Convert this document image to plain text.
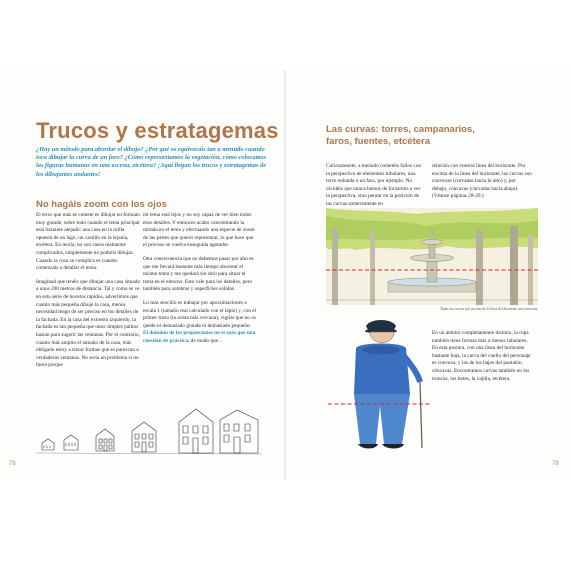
Trucos y estratagemas
¿Hay un método para abordar el dibujo? ¿Por qué os equivocáis tan a menudo cuando toca dibujar la curva de un faro? ¿Cómo representamos la vegetación, cómo colocamos las figuras humanas en una escena, etcétera? ¡Aquí llegan los trucos y estratagemas de los dibujantes andantes!
No hagáis zoom con los ojos

El error que más se comete es dibujar en formato muy grande, sobre todo cuando el tema principal está bastante alejado: una casa en la orilla opuesta de un lago, un castillo en la lejanía, etcétera. En teoría, no son casos realmente complicados, simplemente no podréis dibujar. Cuando la cosa se complica es cuando comenzáis a detallar el tema.

Imaginad que tenéis que dibujar una casa situada a unos 200 metros de distancia. Tal y como se ve en esta serie de bocetos rápidos, advertimos que cuanto más pequeña dibuje la casa, menos necesidad tengo de ser preciso en los detalles de la fachada. En la casa del extremo izquierdo, la fachada es tan pequeña que unos simples palitos bastan para sugerir las ventanas. Por el contrario, cuanto más amplio el tamaño de la casa, más obligado estoy a trazar formas que se parezcan a verdaderas ventanas. No sería un problema si no fuera porque

mi tema está lejos y no soy capaz de ver bien todos esos detalles. Y entonces acabo concentrando la mirada en el tema y efectuando una especie de zoom de las partes que quiero representar, lo que hace que el proceso se vuelva enseguida agotador.

Otra consecuencia que no debemos pasar por alto es que me llevará bastante más tiempo abocetar el mismo tema y me quedará sin sitio para situar el tema en el entorno. Esto vale para los detalles, pero también para sombras y superficies sólidas.

Lo más sencillo es trabajar por aproximaciones a escala 1 (tamaño real calculado con el lápiz) y, con el primer trazo (la arista más cercana), vigilar que no os quede ni demasiado grande ni demasiado pequeño. El dominio de las proporciones no es más que una cuestión de práctica, de modo que…

78
Las curvas: torres, campanarios, faros, fuentes, etcétera

Curiosamente, a menudo cometéis fallos con la perspectiva de elementos tubulares, una torre redonda o un faro, por ejemplo. No olvidéis que nunca hemos de forzarnos a ver la perspectiva, sino pensar en la posición de las curvas someramente en

relación con vuestra línea del horizonte. Por encima de la línea del horizonte, las curvas son convexas (curvadas hacia lo alto) y, por debajo, cóncavas (curvadas hacia abajo). (Véanse páginas 28-29.)

Todas las curvas por encima de la línea del horizonte son convexas.

En un ámbito completamente distinto, la ropa también tiene formas más o menos tubulares. En esta postura, con una línea del horizonte bastante baja, la curva del cuello del personaje es convexa, y las de los bajos del pantalón, cóncavas. Encontramos curvas también en los troncos, los botes, la vajilla, etcétera.

79
